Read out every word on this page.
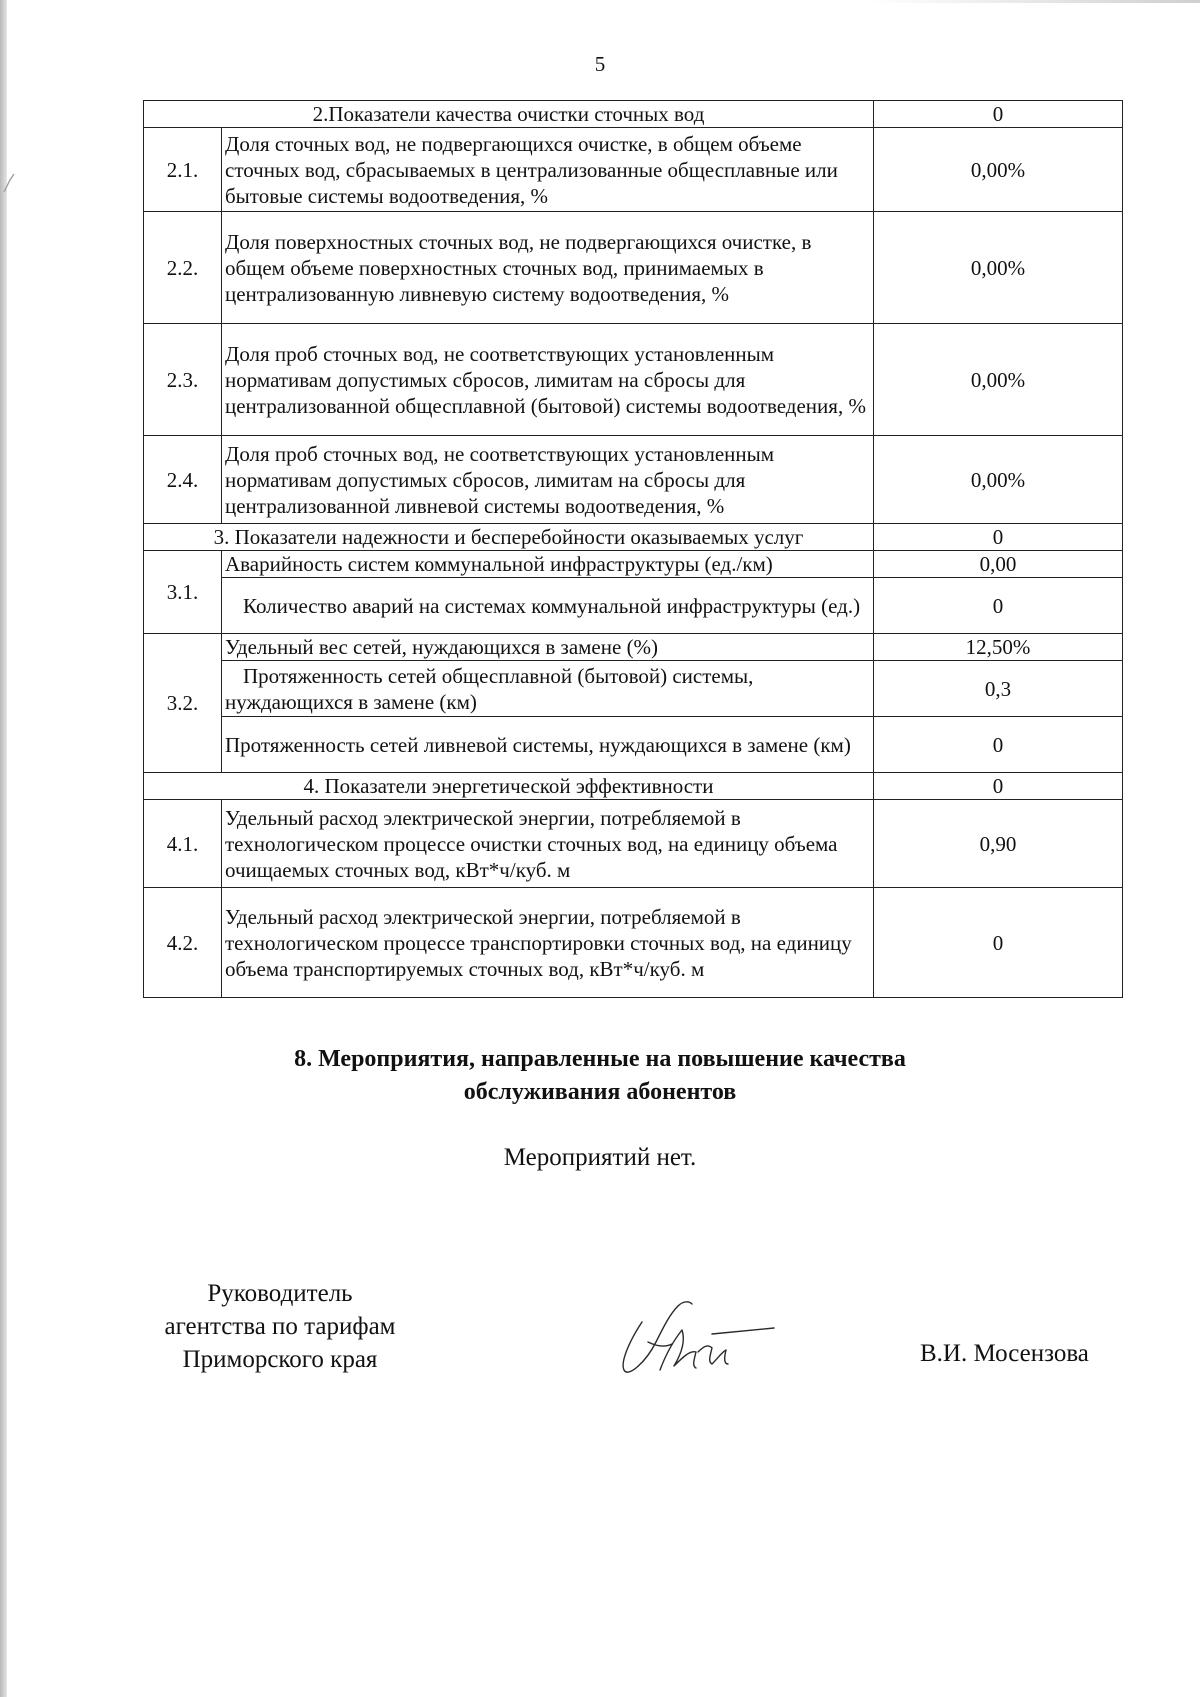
5
2.Показатели качества очистки сточных вод		0
2.1.	Доля сточных вод, не подвергающихся очистке, в общем объеме сточных вод, сбрасываемых в централизованные общесплавные или бытовые системы водоотведения, %	0,00%
2.2.	Доля поверхностных сточных вод, не подвергающихся очистке, в общем объеме поверхностных сточных вод, принимаемых в централизованную ливневую систему водоотведения, %	0,00%
2.3.	Доля проб сточных вод, не соответствующих установленным нормативам допустимых сбросов, лимитам на сбросы для централизованной общесплавной (бытовой) системы водоотведения, %	0,00%
2.4.	Доля проб сточных вод, не соответствующих установленным нормативам допустимых сбросов, лимитам на сбросы для централизованной ливневой системы водоотведения, %	0,00%
3. Показатели надежности и бесперебойности оказываемых услуг		0
3.1.	Аварийность систем коммунальной инфраструктуры (ед./км)	0,00
	Количество аварий на системах коммунальной инфраструктуры (ед.)	0
3.2.	Удельный вес сетей, нуждающихся в замене (%)	12,50%
	Протяженность сетей общесплавной (бытовой) системы, нуждающихся в замене (км)	0,3
	Протяженность сетей ливневой системы, нуждающихся в замене (км)	0
4. Показатели энергетической эффективности		0
4.1.	Удельный расход электрической энергии, потребляемой в технологическом процессе очистки сточных вод, на единицу объема очищаемых сточных вод, кВт*ч/куб. м	0,90
4.2.	Удельный расход электрической энергии, потребляемой в технологическом процессе транспортировки сточных вод, на единицу объема транспортируемых сточных вод, кВт*ч/куб. м	0
8. Мероприятия, направленные на повышение качества
обслуживания абонентов
Мероприятий нет.
Руководитель
агентства по тарифам
Приморского края	В.И. Мосензова
